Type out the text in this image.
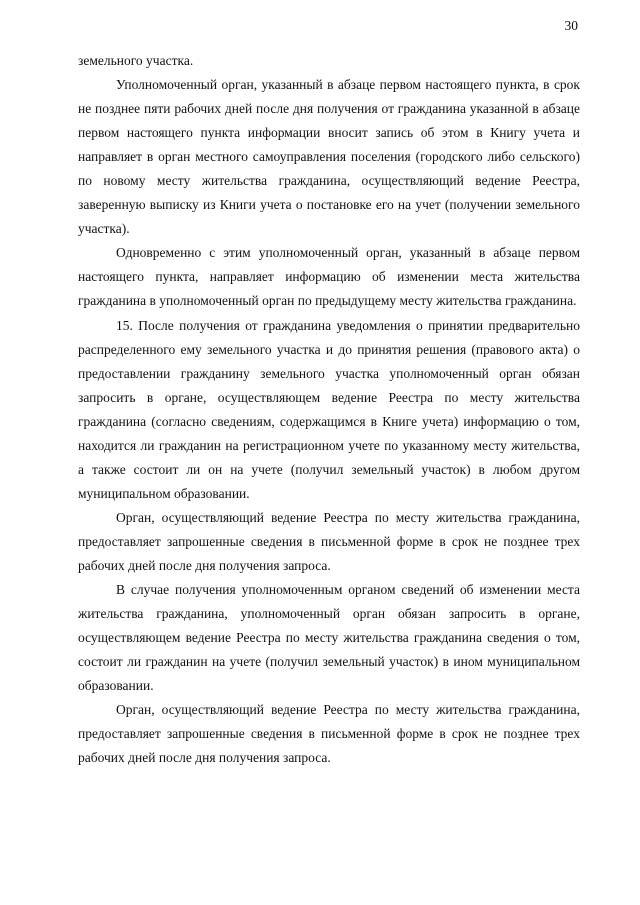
30

земельного участка.

Уполномоченный орган, указанный в абзаце первом настоящего пункта, в срок не позднее пяти рабочих дней после дня получения от гражданина указанной в абзаце первом настоящего пункта информации вносит запись об этом в Книгу учета и направляет в орган местного самоуправления поселения (городского либо сельского) по новому месту жительства гражданина, осуществляющий ведение Реестра, заверенную выписку из Книги учета о постановке его на учет (получении земельного участка).

Одновременно с этим уполномоченный орган, указанный в абзаце первом настоящего пункта, направляет информацию об изменении места жительства гражданина в уполномоченный орган по предыдущему месту жительства гражданина.

15. После получения от гражданина уведомления о принятии предварительно распределенного ему земельного участка и до принятия решения (правового акта) о предоставлении гражданину земельного участка уполномоченный орган обязан запросить в органе, осуществляющем ведение Реестра по месту жительства гражданина (согласно сведениям, содержащимся в Книге учета) информацию о том, находится ли гражданин на регистрационном учете по указанному месту жительства, а также состоит ли он на учете (получил земельный участок) в любом другом муниципальном образовании.

Орган, осуществляющий ведение Реестра по месту жительства гражданина, предоставляет запрошенные сведения в письменной форме в срок не позднее трех рабочих дней после дня получения запроса.

В случае получения уполномоченным органом сведений об изменении места жительства гражданина, уполномоченный орган обязан запросить в органе, осуществляющем ведение Реестра по месту жительства гражданина сведения о том, состоит ли гражданин на учете (получил земельный участок) в ином муниципальном образовании.

Орган, осуществляющий ведение Реестра по месту жительства гражданина, предоставляет запрошенные сведения в письменной форме в срок не позднее трех рабочих дней после дня получения запроса.
